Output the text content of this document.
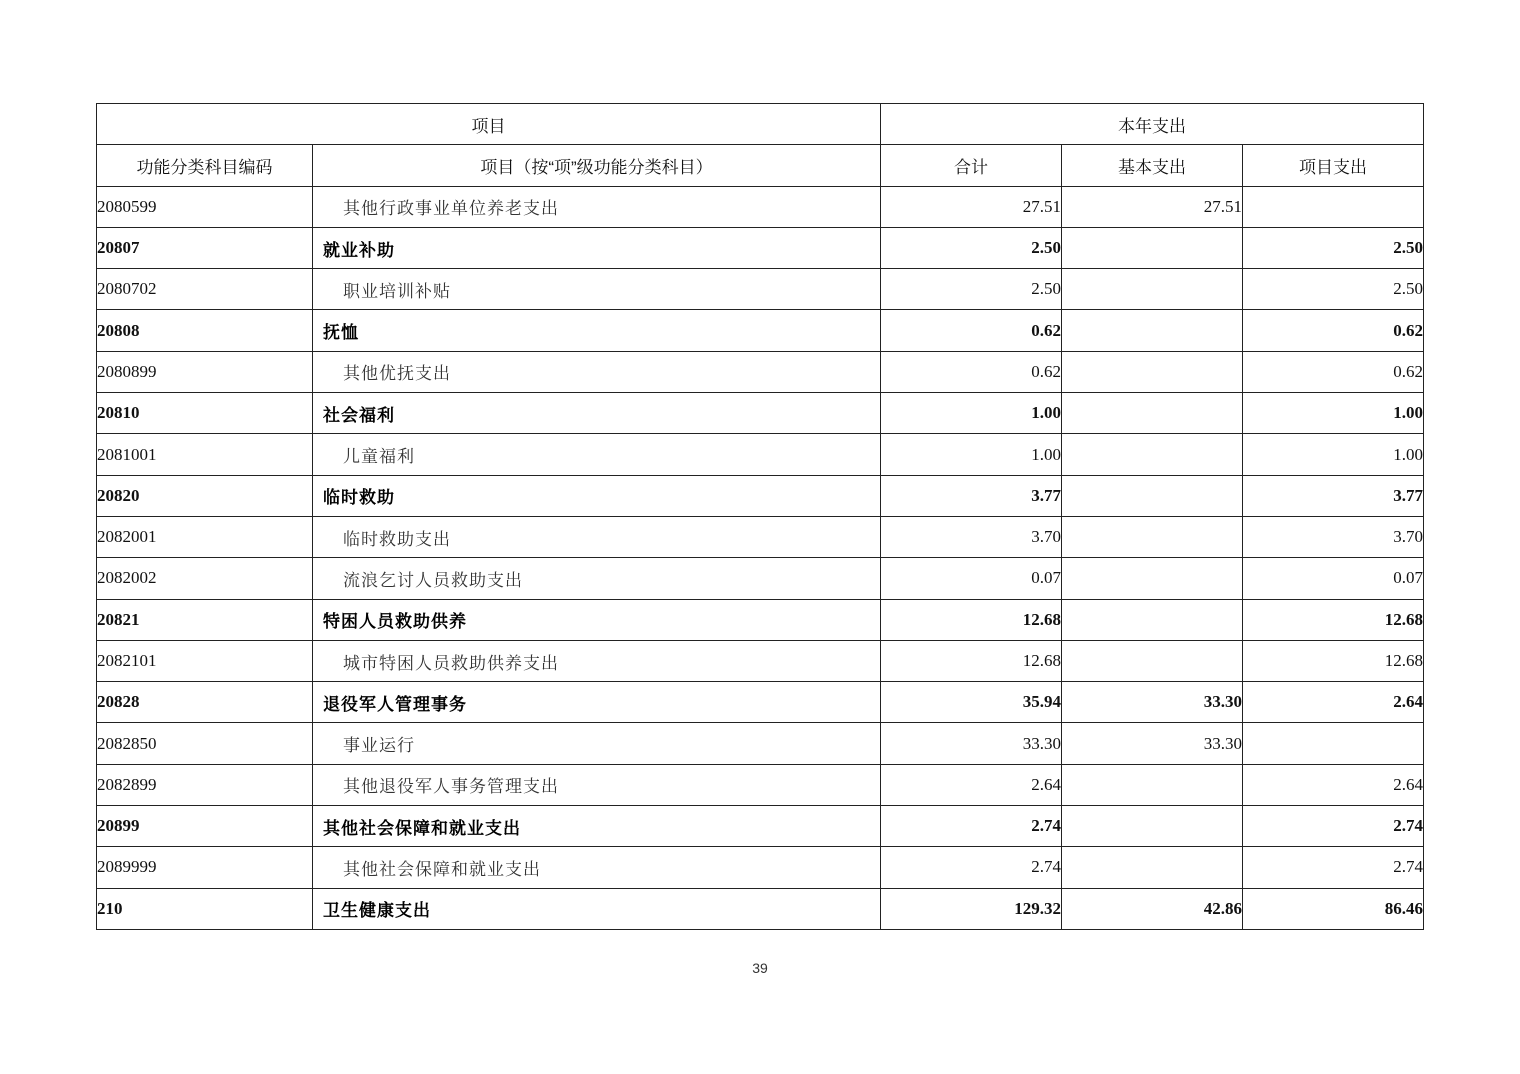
项目		本年支出		
功能分类科目编码	项目（按“项”级功能分类科目）	合计	基本支出	项目支出
2080599	其他行政事业单位养老支出	27.51	27.51	
20807	就业补助	2.50		2.50
2080702	职业培训补贴	2.50		2.50
20808	抚恤	0.62		0.62
2080899	其他优抚支出	0.62		0.62
20810	社会福利	1.00		1.00
2081001	儿童福利	1.00		1.00
20820	临时救助	3.77		3.77
2082001	临时救助支出	3.70		3.70
2082002	流浪乞讨人员救助支出	0.07		0.07
20821	特困人员救助供养	12.68		12.68
2082101	城市特困人员救助供养支出	12.68		12.68
20828	退役军人管理事务	35.94	33.30	2.64
2082850	事业运行	33.30	33.30	
2082899	其他退役军人事务管理支出	2.64		2.64
20899	其他社会保障和就业支出	2.74		2.74
2089999	其他社会保障和就业支出	2.74		2.74
210	卫生健康支出	129.32	42.86	86.46
39
